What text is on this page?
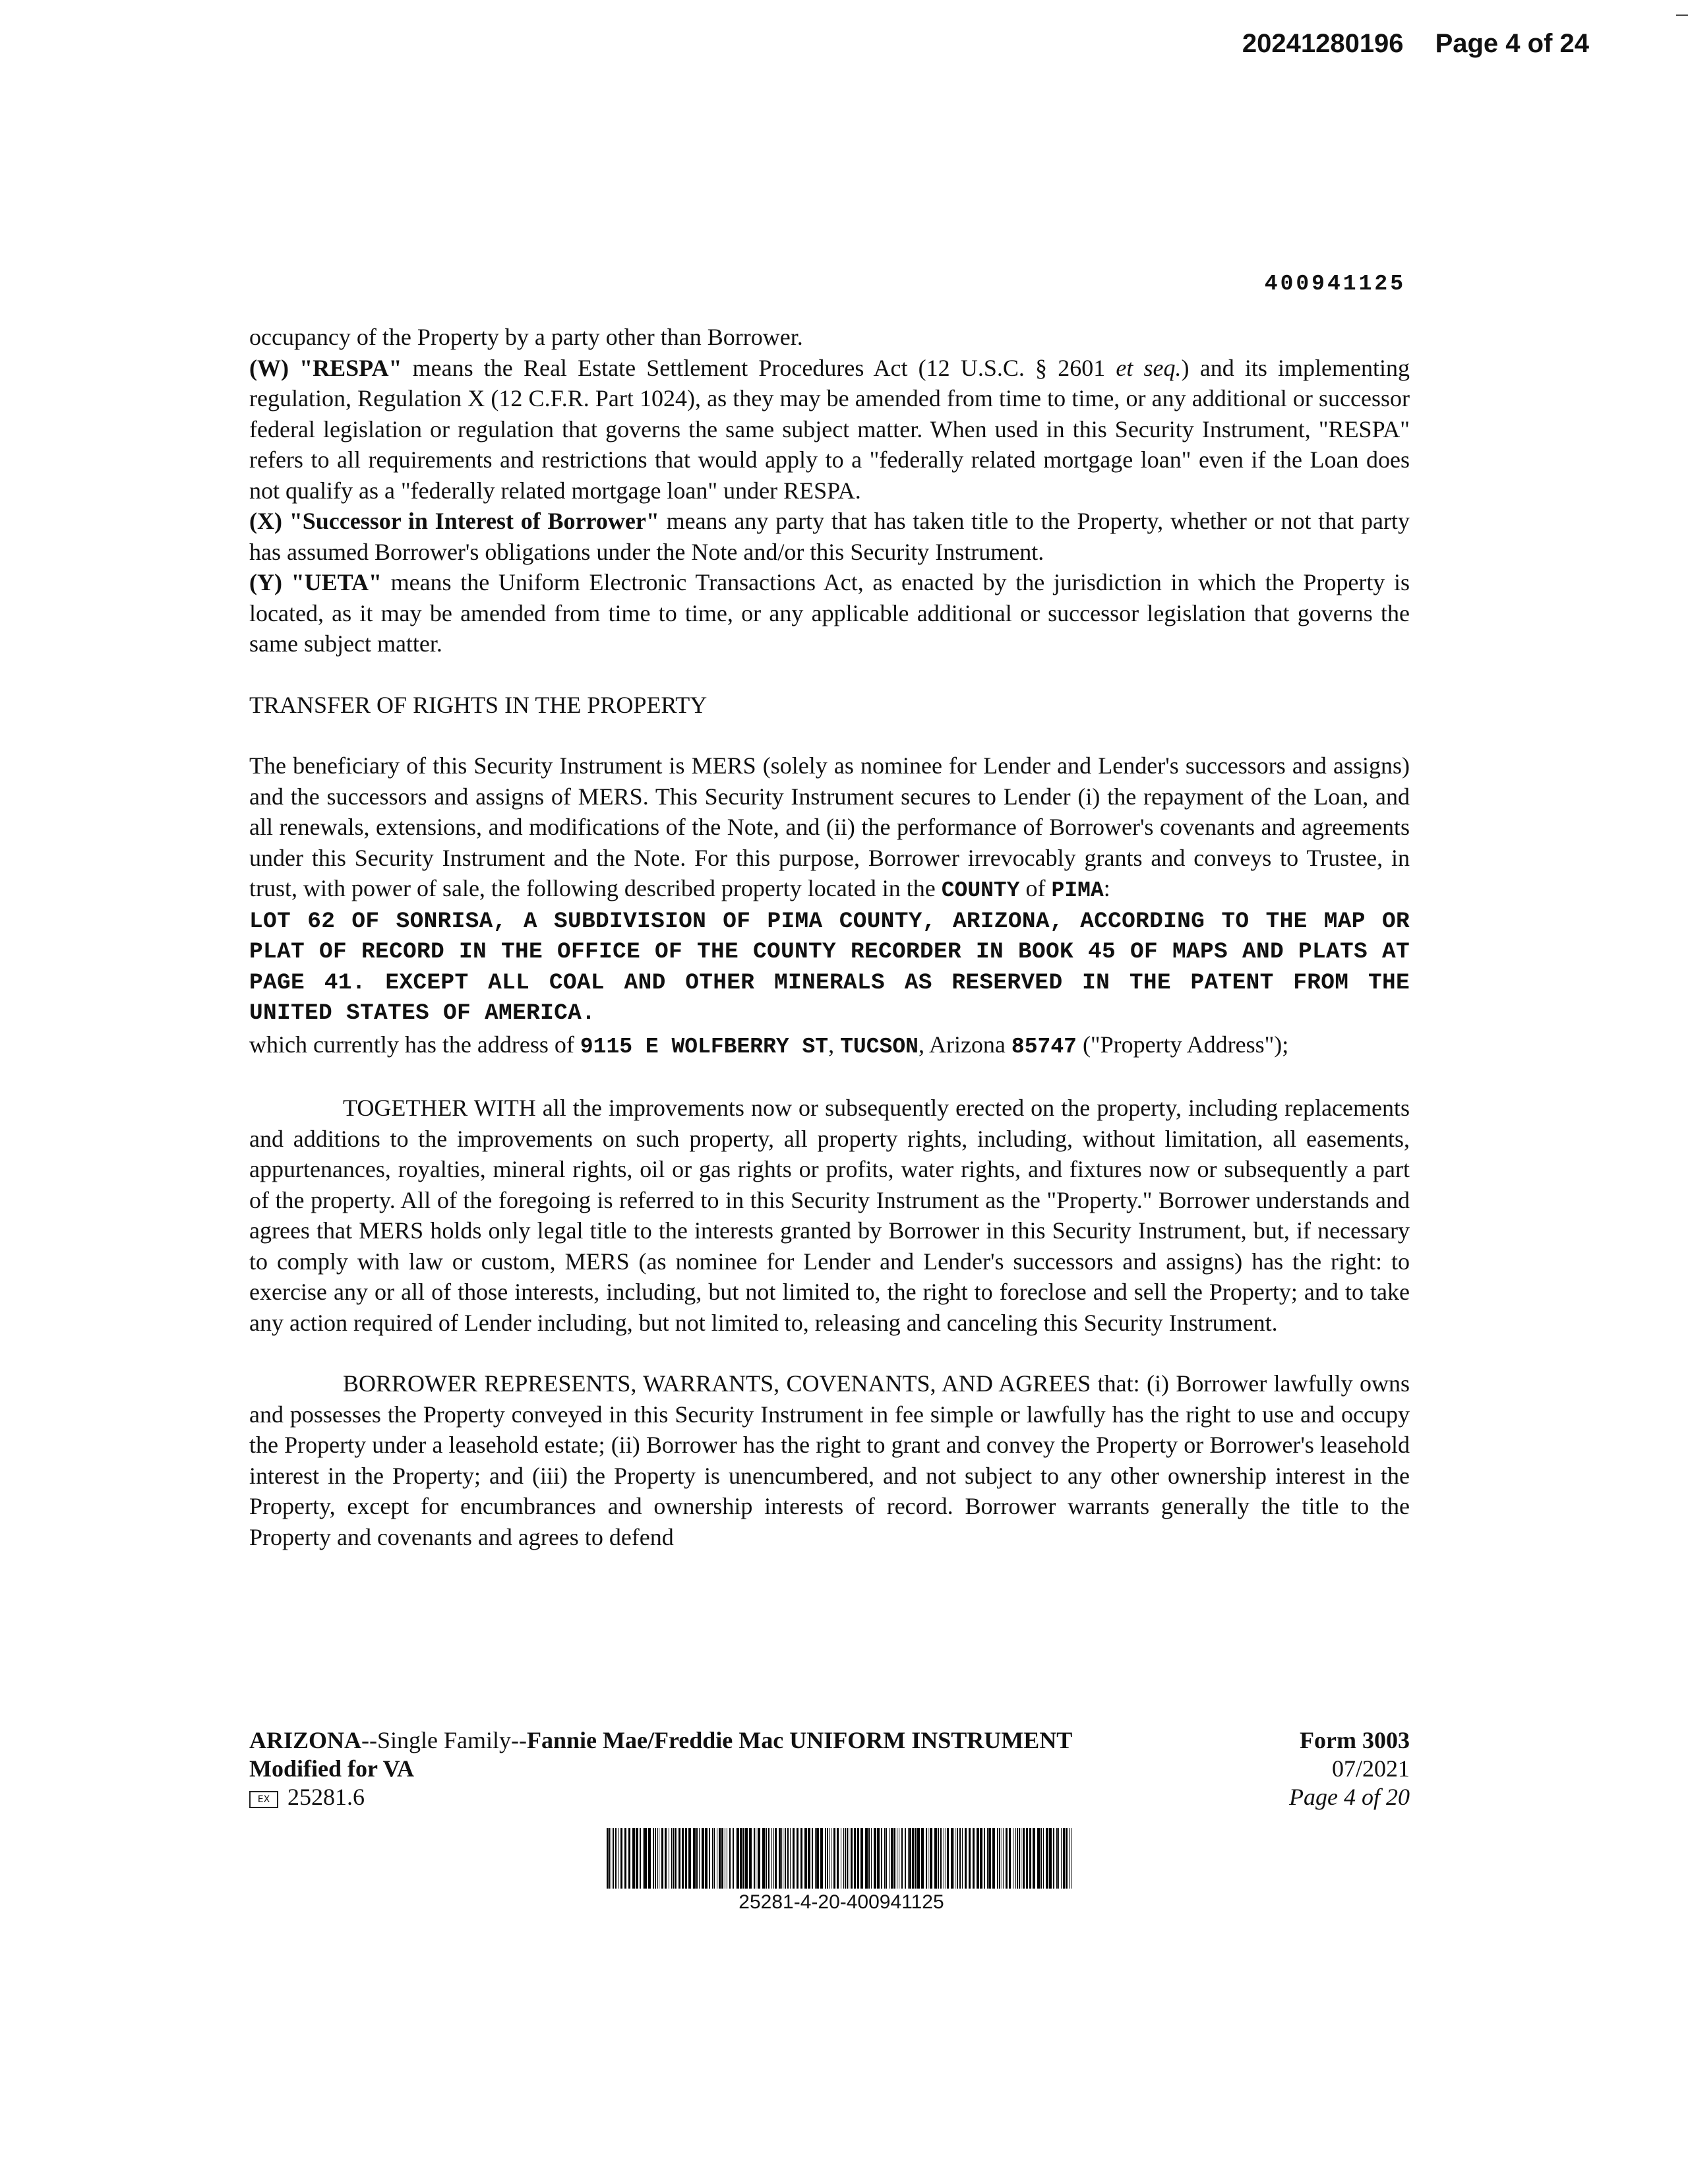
20241280196 Page 4 of 24
400941125

occupancy of the Property by a party other than Borrower.

(W) "RESPA" means the Real Estate Settlement Procedures Act (12 U.S.C. § 2601 et seq.) and its implementing regulation, Regulation X (12 C.F.R. Part 1024), as they may be amended from time to time, or any additional or successor federal legislation or regulation that governs the same subject matter. When used in this Security Instrument, "RESPA" refers to all requirements and restrictions that would apply to a "federally related mortgage loan" even if the Loan does not qualify as a "federally related mortgage loan" under RESPA.

(X) "Successor in Interest of Borrower" means any party that has taken title to the Property, whether or not that party has assumed Borrower's obligations under the Note and/or this Security Instrument.

(Y) "UETA" means the Uniform Electronic Transactions Act, as enacted by the jurisdiction in which the Property is located, as it may be amended from time to time, or any applicable additional or successor legislation that governs the same subject matter.

TRANSFER OF RIGHTS IN THE PROPERTY

The beneficiary of this Security Instrument is MERS (solely as nominee for Lender and Lender's successors and assigns) and the successors and assigns of MERS. This Security Instrument secures to Lender (i) the repayment of the Loan, and all renewals, extensions, and modifications of the Note, and (ii) the performance of Borrower's covenants and agreements under this Security Instrument and the Note. For this purpose, Borrower irrevocably grants and conveys to Trustee, in trust, with power of sale, the following described property located in the COUNTY of PIMA:

LOT 62 OF SONRISA, A SUBDIVISION OF PIMA COUNTY, ARIZONA, ACCORDING TO THE MAP OR PLAT OF RECORD IN THE OFFICE OF THE COUNTY RECORDER IN BOOK 45 OF MAPS AND PLATS AT PAGE 41. EXCEPT ALL COAL AND OTHER MINERALS AS RESERVED IN THE PATENT FROM THE UNITED STATES OF AMERICA.

which currently has the address of 9115 E WOLFBERRY ST, TUCSON, Arizona 85747 ("Property Address");

TOGETHER WITH all the improvements now or subsequently erected on the property, including replacements and additions to the improvements on such property, all property rights, including, without limitation, all easements, appurtenances, royalties, mineral rights, oil or gas rights or profits, water rights, and fixtures now or subsequently a part of the property. All of the foregoing is referred to in this Security Instrument as the "Property." Borrower understands and agrees that MERS holds only legal title to the interests granted by Borrower in this Security Instrument, but, if necessary to comply with law or custom, MERS (as nominee for Lender and Lender's successors and assigns) has the right: to exercise any or all of those interests, including, but not limited to, the right to foreclose and sell the Property; and to take any action required of Lender including, but not limited to, releasing and canceling this Security Instrument.

BORROWER REPRESENTS, WARRANTS, COVENANTS, AND AGREES that: (i) Borrower lawfully owns and possesses the Property conveyed in this Security Instrument in fee simple or lawfully has the right to use and occupy the Property under a leasehold estate; (ii) Borrower has the right to grant and convey the Property or Borrower's leasehold interest in the Property; and (iii) the Property is unencumbered, and not subject to any other ownership interest in the Property, except for encumbrances and ownership interests of record. Borrower warrants generally the title to the Property and covenants and agrees to defend

ARIZONA--Single Family--Fannie Mae/Freddie Mac UNIFORM INSTRUMENT
Modified for VA
EX 25281.6
Form 3003
07/2021
Page 4 of 20
25281-4-20-400941125
